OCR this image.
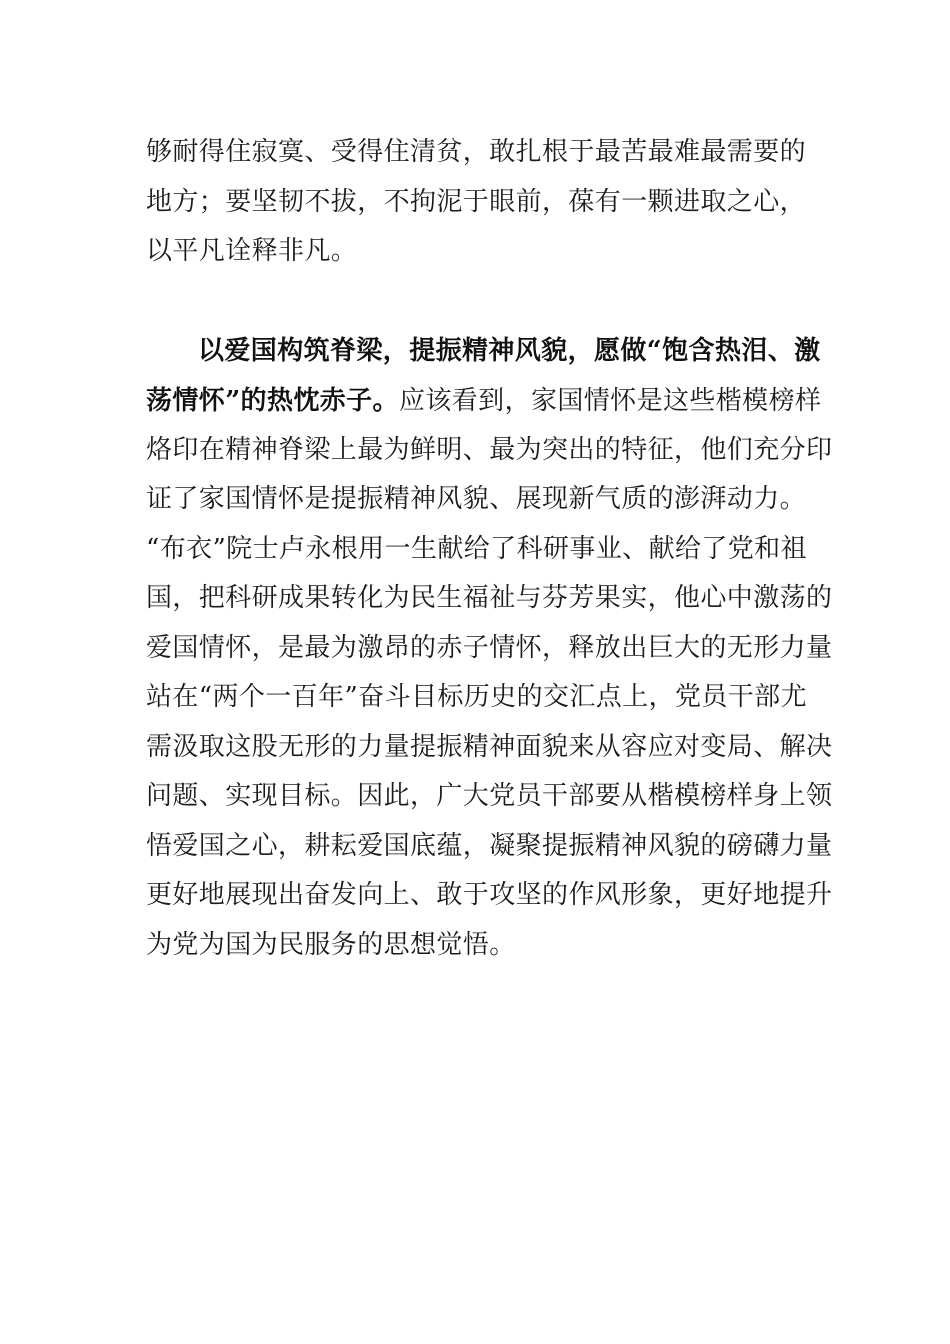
够耐得住寂寞、受得住清贫，敢扎根于最苦最难最需要的
地方；要坚韧不拔，不拘泥于眼前，葆有一颗进取之心，
以平凡诠释非凡。
以爱国构筑脊梁，提振精神风貌，愿做“饱含热泪、激
荡情怀”的热忱赤子。应该看到，家国情怀是这些楷模榜样
烙印在精神脊梁上最为鲜明、最为突出的特征，他们充分印
证了家国情怀是提振精神风貌、展现新气质的澎湃动力。
“布衣”院士卢永根用一生献给了科研事业、献给了党和祖
国，把科研成果转化为民生福祉与芬芳果实，他心中激荡的
爱国情怀，是最为激昂的赤子情怀，释放出巨大的无形力量
站在“两个一百年”奋斗目标历史的交汇点上，党员干部尤
需汲取这股无形的力量提振精神面貌来从容应对变局、解决
问题、实现目标。因此，广大党员干部要从楷模榜样身上领
悟爱国之心，耕耘爱国底蕴，凝聚提振精神风貌的磅礴力量
更好地展现出奋发向上、敢于攻坚的作风形象，更好地提升
为党为国为民服务的思想觉悟。
